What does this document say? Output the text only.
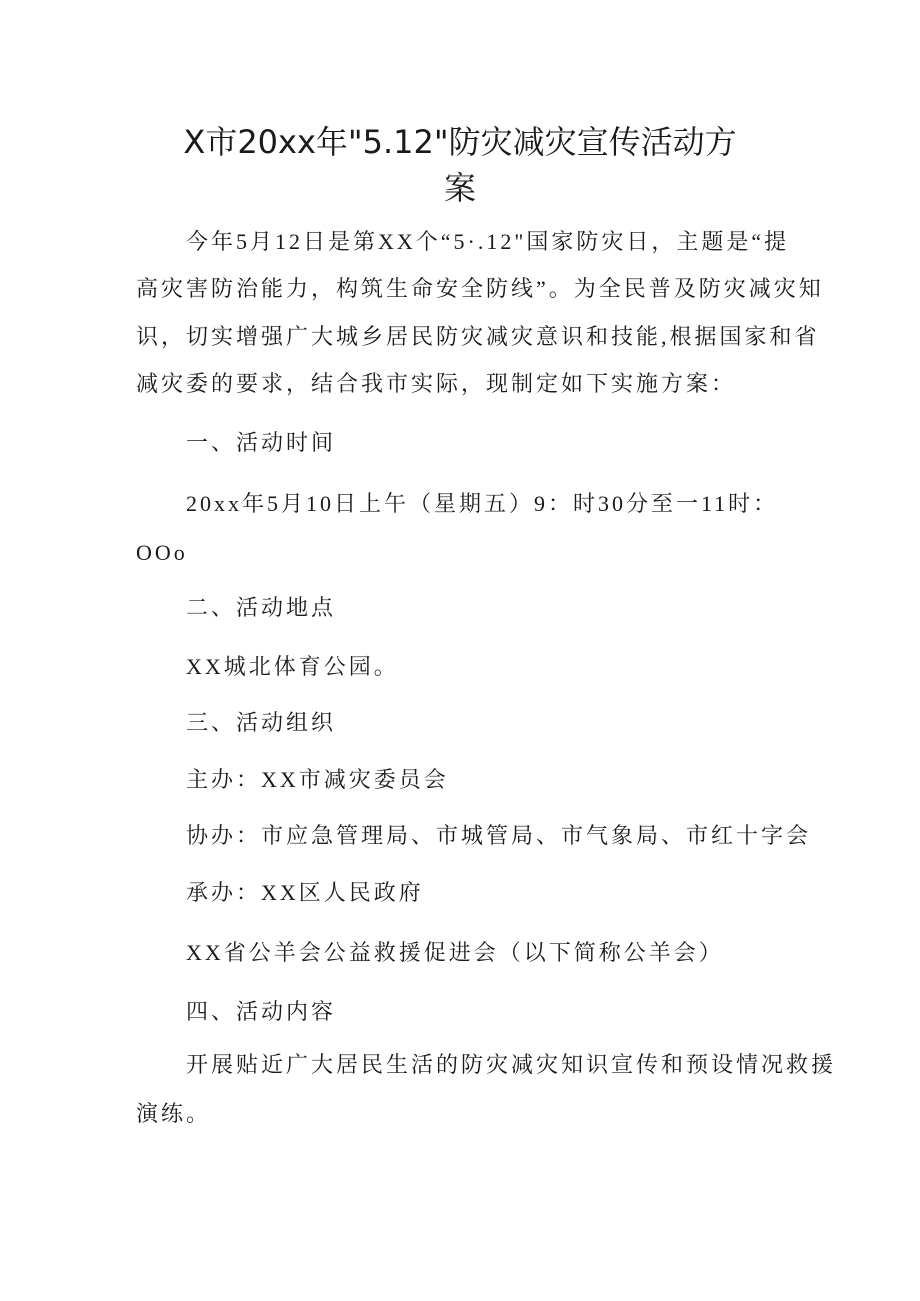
X市20xx年"5.12"防灾减灾宣传活动方
案
今年5月12日是第XX个“5·.12"国家防灾日，主题是“提
高灾害防治能力，构筑生命安全防线”。为全民普及防灾减灾知
识，切实增强广大城乡居民防灾减灾意识和技能,根据国家和省
减灾委的要求，结合我市实际，现制定如下实施方案：
一、活动时间
20xx年5月10日上午（星期五）9：时30分至一11时：
OOo
二、活动地点
XX城北体育公园。
三、活动组织
主办：XX市减灾委员会
协办：市应急管理局、市城管局、市气象局、市红十字会
承办：XX区人民政府
XX省公羊会公益救援促进会（以下简称公羊会）
四、活动内容
开展贴近广大居民生活的防灾减灾知识宣传和预设情况救援
演练。
